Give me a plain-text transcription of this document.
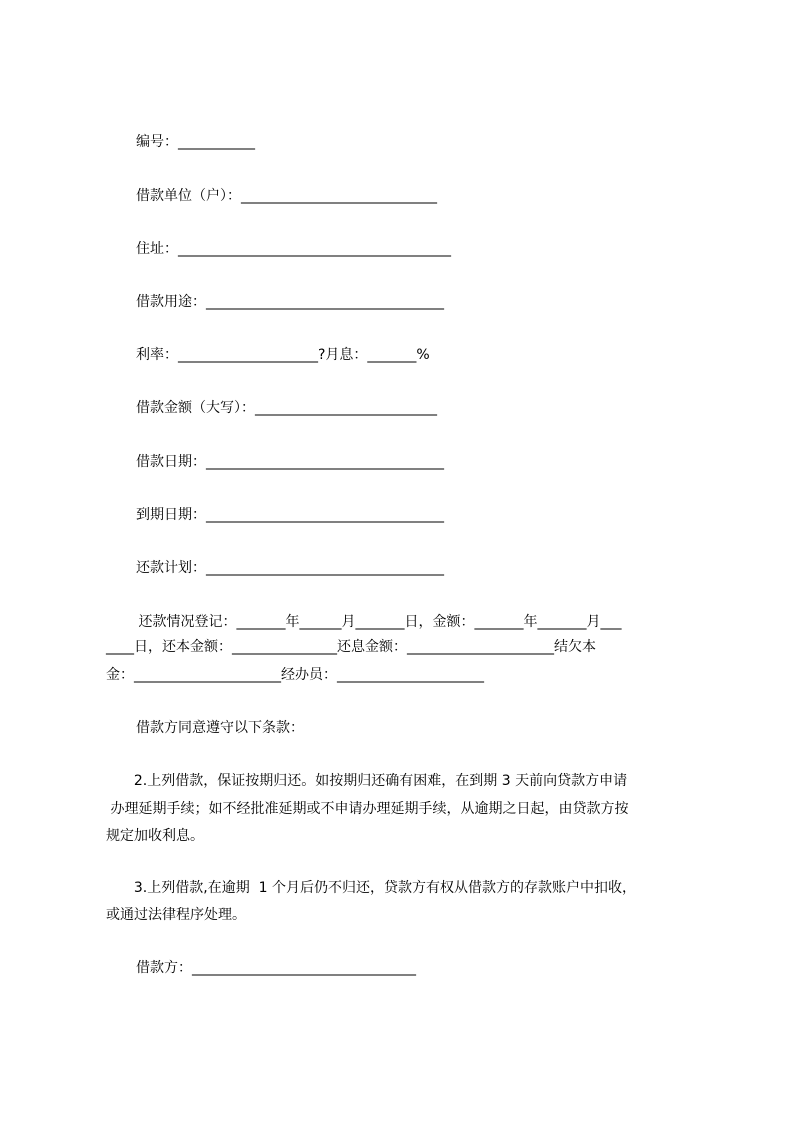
编号：___________
借款单位（户）：____________________________
住址：_______________________________________
借款用途：__________________________________
利率：____________________?月息：_______%
借款金额（大写）：__________________________
借款日期：__________________________________
到期日期：__________________________________
还款计划：__________________________________
还款情况登记：_______年______月_______日，金额：_______年_______月___
____日，还本金额：_______________还息金额：_____________________结欠本
金：_____________________经办员：_____________________
借款方同意遵守以下条款：
2.上列借款，保证按期归还。如按期归还确有困难，在到期 3 天前向贷款方申请
办理延期手续；如不经批准延期或不申请办理延期手续，从逾期之日起，由贷款方按
规定加收利息。
3.上列借款,在逾期  1 个月后仍不归还，贷款方有权从借款方的存款账户中扣收，
或通过法律程序处理。
借款方：________________________________
